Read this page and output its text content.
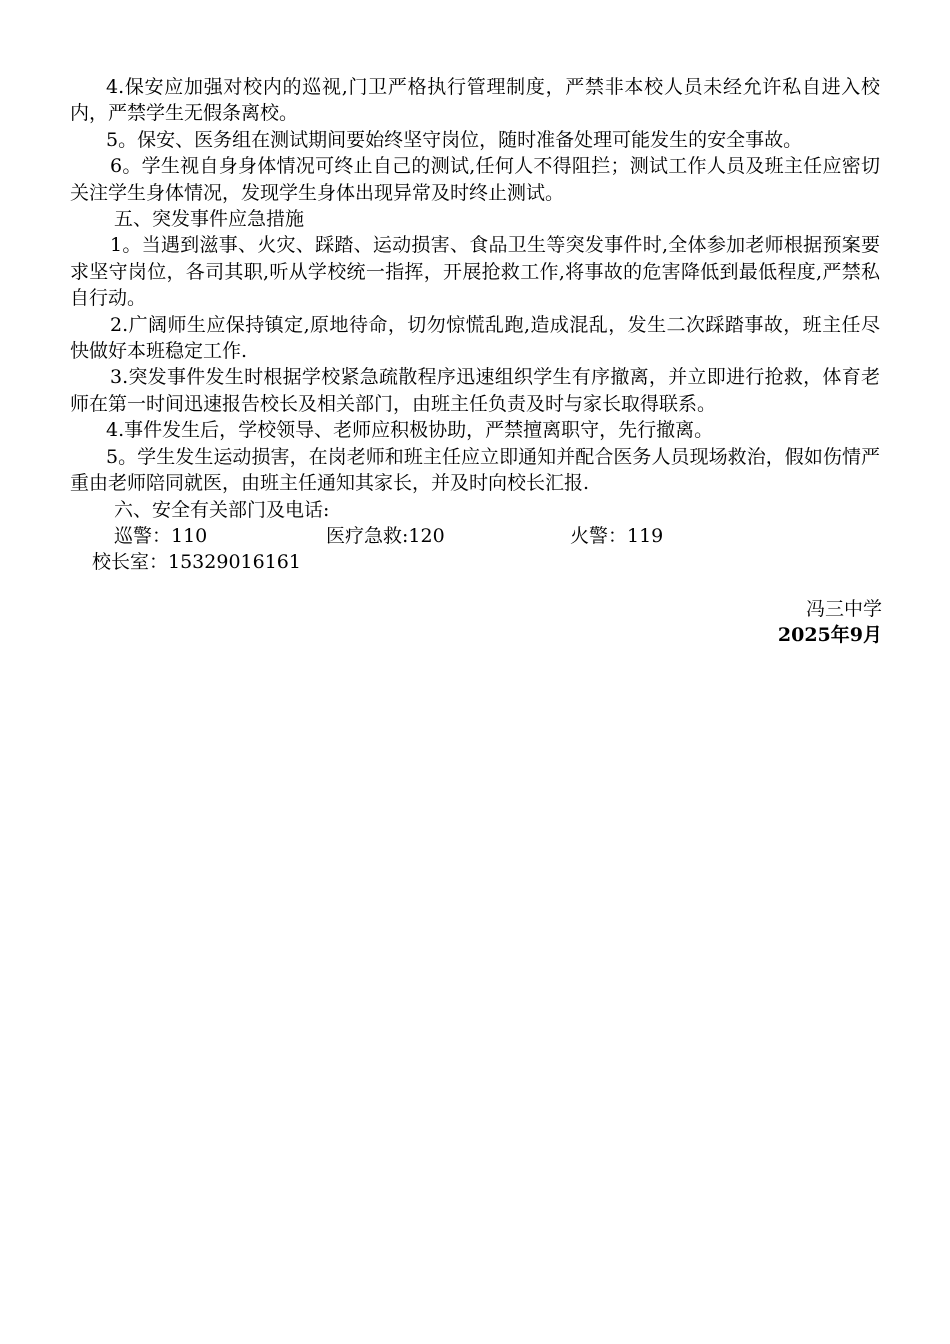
4.保安应加强对校内的巡视,门卫严格执行管理制度，严禁非本校人员未经允许私自进入校内，严禁学生无假条离校。

5。保安、医务组在测试期间要始终坚守岗位，随时准备处理可能发生的安全事故。

6。学生视自身身体情况可终止自己的测试,任何人不得阻拦；测试工作人员及班主任应密切关注学生身体情况，发现学生身体出现异常及时终止测试。

五、突发事件应急措施

1。当遇到滋事、火灾、踩踏、运动损害、食品卫生等突发事件时,全体参加老师根据预案要求坚守岗位，各司其职,听从学校统一指挥，开展抢救工作,将事故的危害降低到最低程度,严禁私自行动。

2.广阔师生应保持镇定,原地待命，切勿惊慌乱跑,造成混乱，发生二次踩踏事故，班主任尽快做好本班稳定工作.

3.突发事件发生时根据学校紧急疏散程序迅速组织学生有序撤离，并立即进行抢救，体育老师在第一时间迅速报告校长及相关部门，由班主任负责及时与家长取得联系。

4.事件发生后，学校领导、老师应积极协助，严禁擅离职守，先行撤离。

5。学生发生运动损害，在岗老师和班主任应立即通知并配合医务人员现场救治，假如伤情严重由老师陪同就医，由班主任通知其家长，并及时向校长汇报.

六、安全有关部门及电话:

巡警：110	医疗急救:120	火警：119
校长室：15329016161
冯三中学
2025年9月
